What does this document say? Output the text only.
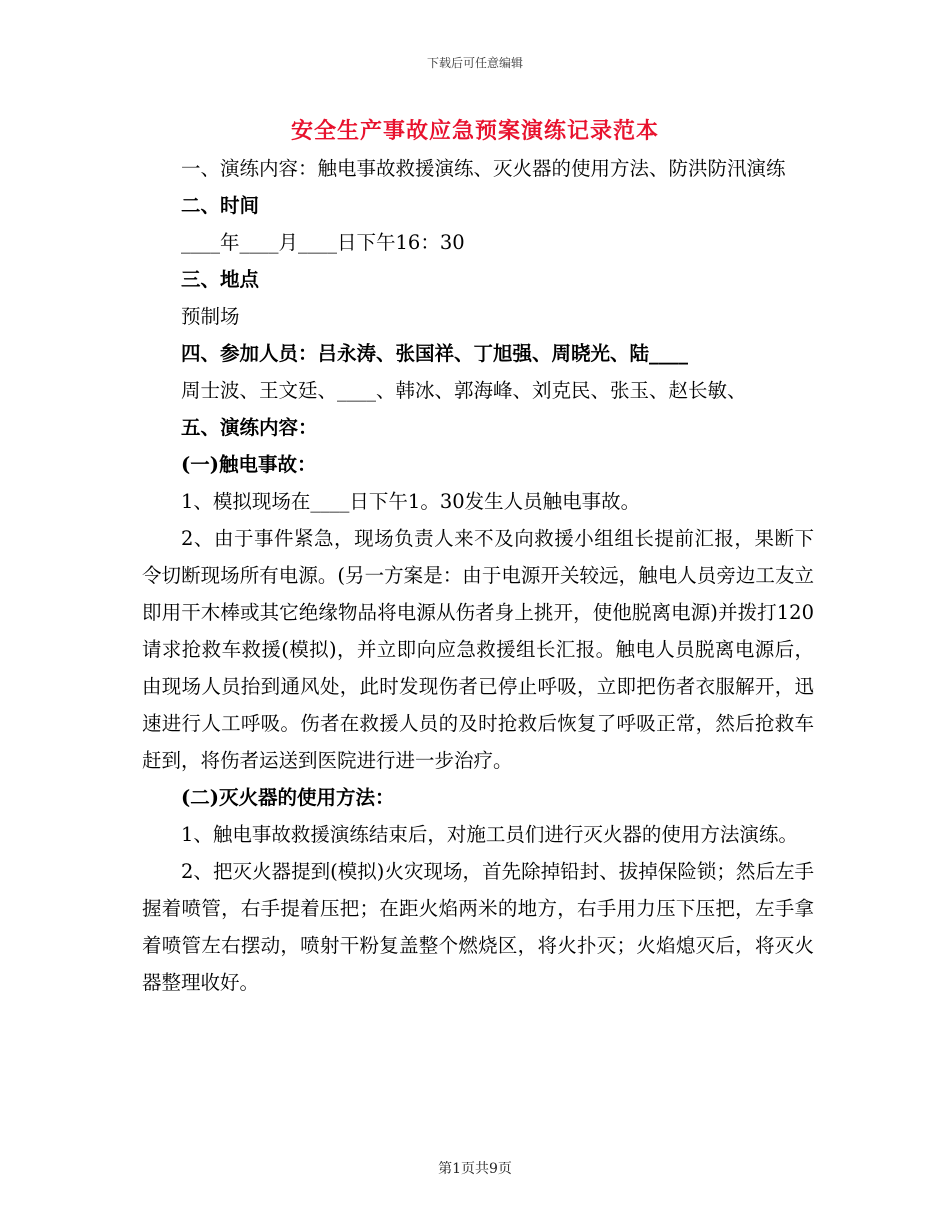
下载后可任意编辑
安全生产事故应急预案演练记录范本

一、演练内容：触电事故救援演练、灭火器的使用方法、防洪防汛演练

二、时间

____年____月____日下午16：30

三、地点

预制场

四、参加人员：吕永涛、张国祥、丁旭强、周晓光、陆____

周士波、王文廷、____、韩冰、郭海峰、刘克民、张玉、赵长敏、

五、演练内容：

(一)触电事故：

1、模拟现场在____日下午1。30发生人员触电事故。

2、由于事件紧急，现场负责人来不及向救援小组组长提前汇报，果断下令切断现场所有电源。(另一方案是：由于电源开关较远，触电人员旁边工友立即用干木棒或其它绝缘物品将电源从伤者身上挑开，使他脱离电源)并拨打120请求抢救车救援(模拟)，并立即向应急救援组长汇报。触电人员脱离电源后，由现场人员抬到通风处，此时发现伤者已停止呼吸，立即把伤者衣服解开，迅速进行人工呼吸。伤者在救援人员的及时抢救后恢复了呼吸正常，然后抢救车赶到，将伤者运送到医院进行进一步治疗。

(二)灭火器的使用方法：

1、触电事故救援演练结束后，对施工员们进行灭火器的使用方法演练。

2、把灭火器提到(模拟)火灾现场，首先除掉铅封、拔掉保险锁；然后左手握着喷管，右手提着压把；在距火焰两米的地方，右手用力压下压把，左手拿着喷管左右摆动，喷射干粉复盖整个燃烧区，将火扑灭；火焰熄灭后，将灭火器整理收好。

第1页共9页
